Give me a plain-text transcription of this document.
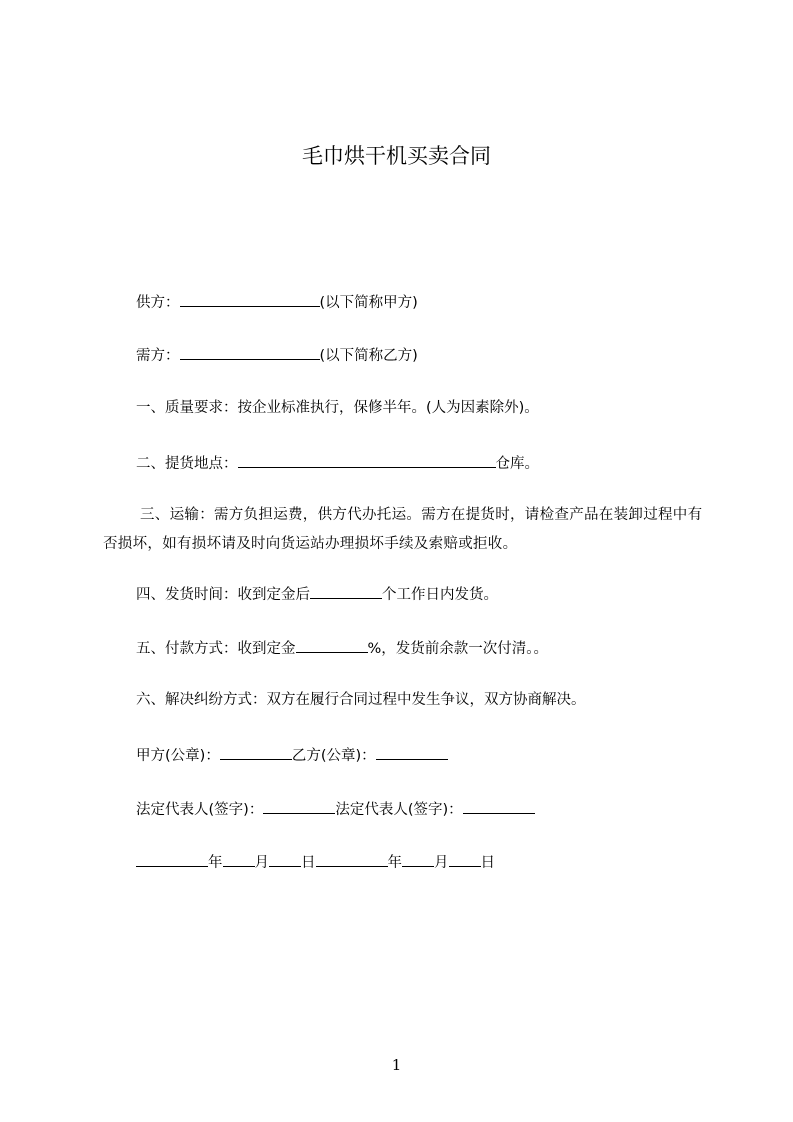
毛巾烘干机买卖合同
供方：	(以下简称甲方)
需方：	(以下简称乙方)
一、质量要求：按企业标准执行，保修半年。(人为因素除外)。
二、提货地点：	仓库。
三、运输：需方负担运费，供方代办托运。需方在提货时，请检查产品在装卸过程中有否损坏，如有损坏请及时向货运站办理损坏手续及索赔或拒收。
四、发货时间：收到定金后	个工作日内发货。
五、付款方式：收到定金	%，发货前余款一次付清。。
六、解决纠纷方式：双方在履行合同过程中发生争议，双方协商解决。
甲方(公章)：	乙方(公章)：
法定代表人(签字)：	法定代表人(签字)：
年 月 日	年 月 日
1
